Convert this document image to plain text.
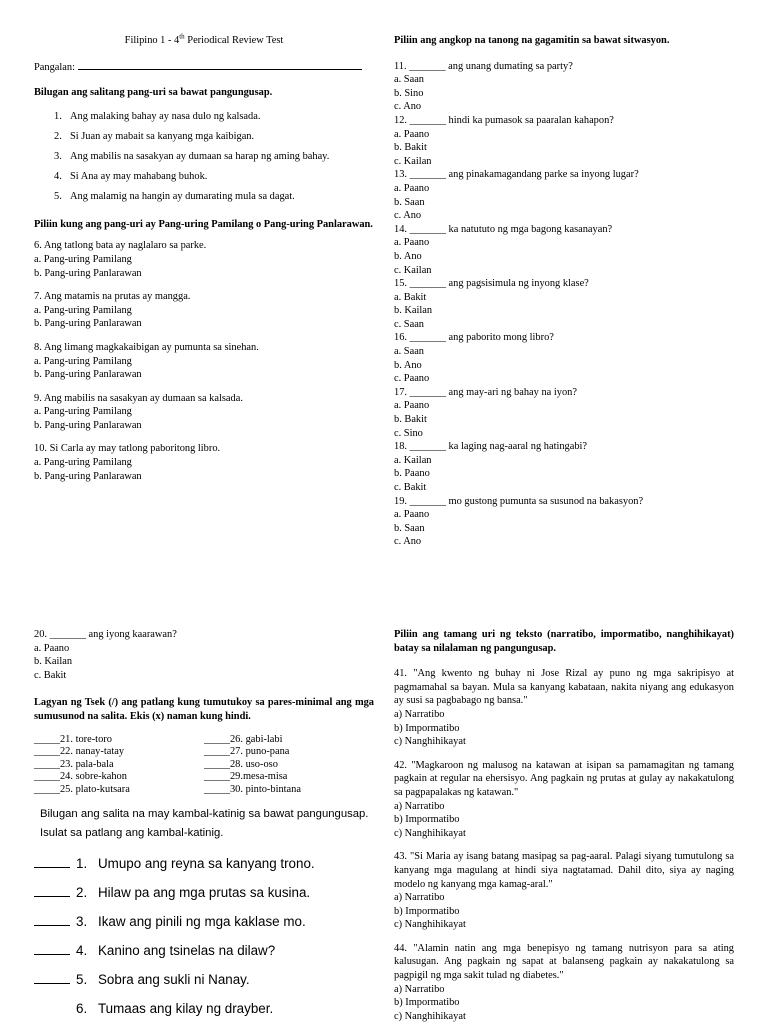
Filipino 1 - 4th Periodical Review Test
Pangalan:
Bilugan ang salitang pang-uri sa bawat pangungusap.
1. Ang malaking bahay ay nasa dulo ng kalsada.
2. Si Juan ay mabait sa kanyang mga kaibigan.
3. Ang mabilis na sasakyan ay dumaan sa harap ng aming bahay.
4. Si Ana ay may mahabang buhok.
5. Ang malamig na hangin ay dumarating mula sa dagat.
Piliin kung ang pang-uri ay Pang-uring Pamilang o Pang-uring Panlarawan.
6. Ang tatlong bata ay naglalaro sa parke.
a. Pang-uring Pamilang
b. Pang-uring Panlarawan
7. Ang matamis na prutas ay mangga.
a. Pang-uring Pamilang
b. Pang-uring Panlarawan
8. Ang limang magkakaibigan ay pumunta sa sinehan.
a. Pang-uring Pamilang
b. Pang-uring Panlarawan
9. Ang mabilis na sasakyan ay dumaan sa kalsada.
a. Pang-uring Pamilang
b. Pang-uring Panlarawan
10. Si Carla ay may tatlong paboritong libro.
a. Pang-uring Pamilang
b. Pang-uring Panlarawan
Piliin ang angkop na tanong na gagamitin sa bawat sitwasyon.
11. _______ ang unang dumating sa party?
a. Saan
b. Sino
c. Ano
12. _______ hindi ka pumasok sa paaralan kahapon?
a. Paano
b. Bakit
c. Kailan
13. _______ ang pinakamagandang parke sa inyong lugar?
a. Paano
b. Saan
c. Ano
14. _______ ka natututo ng mga bagong kasanayan?
a. Paano
b. Ano
c. Kailan
15. _______ ang pagsisimula ng inyong klase?
a. Bakit
b. Kailan
c. Saan
16. _______ ang paborito mong libro?
a. Saan
b. Ano
c. Paano
17. _______ ang may-ari ng bahay na iyon?
a. Paano
b. Bakit
c. Sino
18. _______ ka laging nag-aaral ng hatingabi?
a. Kailan
b. Paano
c. Bakit
19. _______ mo gustong pumunta sa susunod na bakasyon?
a. Paano
b. Saan
c. Ano
20. _______ ang iyong kaarawan?
a. Paano
b. Kailan
c. Bakit
Lagyan ng Tsek (/) ang patlang kung tumutukoy sa pares-minimal ang mga sumusunod na salita. Ekis (x) naman kung hindi.
_____21. tore-toro
_____22. nanay-tatay
_____23. pala-bala
_____24. sobre-kahon
_____25. plato-kutsara
_____26. gabi-labi
_____27. puno-pana
_____28. uso-oso
_____29.mesa-misa
_____30. pinto-bintana
Bilugan ang salita na may kambal-katinig sa bawat pangungusap. Isulat sa patlang ang kambal-katinig.
1. Umupo ang reyna sa kanyang trono.
2. Hilaw pa ang mga prutas sa kusina.
3. Ikaw ang pinili ng mga kaklase mo.
4. Kanino ang tsinelas na dilaw?
5. Sobra ang sukli ni Nanay.
6. Tumaas ang kilay ng drayber.
Piliin ang tamang uri ng teksto (narratibo, impormatibo, nanghihikayat) batay sa nilalaman ng pangungusap.
41. "Ang kwento ng buhay ni Jose Rizal ay puno ng mga sakripisyo at pagmamahal sa bayan. Mula sa kanyang kabataan, nakita niyang ang edukasyon ay susi sa pagbabago ng bansa."
a) Narratibo
b) Impormatibo
c) Nanghihikayat
42. "Magkaroon ng malusog na katawan at isipan sa pamamagitan ng tamang pagkain at regular na ehersisyo. Ang pagkain ng prutas at gulay ay nakakatulong sa pagpapalakas ng katawan."
a) Narratibo
b) Impormatibo
c) Nanghihikayat
43. "Si Maria ay isang batang masipag sa pag-aaral. Palagi siyang tumutulong sa kanyang mga magulang at hindi siya nagtatamad. Dahil dito, siya ay naging modelo ng kanyang mga kamag-aral."
a) Narratibo
b) Impormatibo
c) Nanghihikayat
44. "Alamin natin ang mga benepisyo ng tamang nutrisyon para sa ating kalusugan. Ang pagkain ng sapat at balanseng pagkain ay nakakatulong sa pagpigil ng mga sakit tulad ng diabetes."
a) Narratibo
b) Impormatibo
c) Nanghihikayat
